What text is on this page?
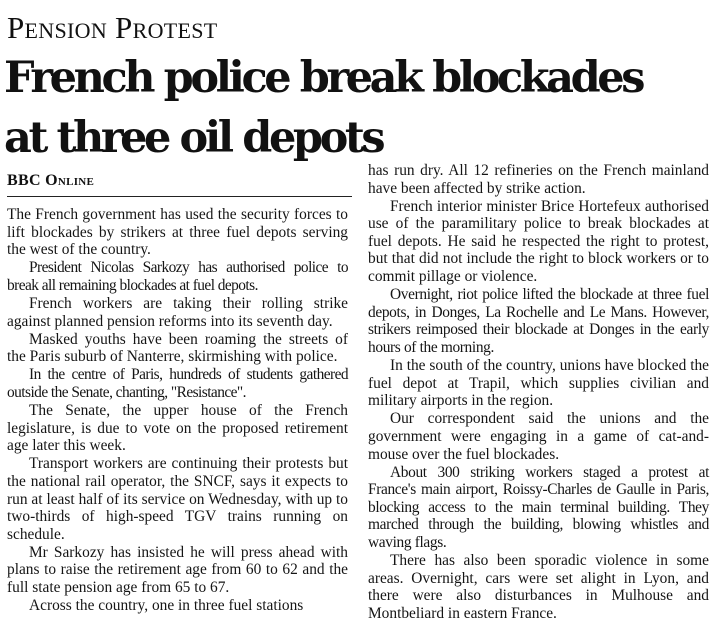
Pension Protest
French police break blockades
at three oil depots
BBC Online

The French government has used the security forces to lift blockades by strikers at three fuel depots serving the west of the country.

President Nicolas Sarkozy has authorised police to break all remaining blockades at fuel depots.

French workers are taking their rolling strike against planned pension reforms into its seventh day.

Masked youths have been roaming the streets of the Paris suburb of Nanterre, skirmishing with police.

In the centre of Paris, hundreds of students gathered outside the Senate, chanting, "Resistance".

The Senate, the upper house of the French legislature, is due to vote on the proposed retirement age later this week.

Transport workers are continuing their protests but the national rail operator, the SNCF, says it expects to run at least half of its service on Wednesday, with up to two-thirds of high-speed TGV trains running on schedule.

Mr Sarkozy has insisted he will press ahead with plans to raise the retirement age from 60 to 62 and the full state pension age from 65 to 67.

Across the country, one in three fuel stations

has run dry. All 12 refineries on the French mainland have been affected by strike action.

French interior minister Brice Hortefeux authorised use of the paramilitary police to break blockades at fuel depots. He said he respected the right to protest, but that did not include the right to block workers or to commit pillage or violence.

Overnight, riot police lifted the blockade at three fuel depots, in Donges, La Rochelle and Le Mans. However, strikers reimposed their blockade at Donges in the early hours of the morning.

In the south of the country, unions have blocked the fuel depot at Trapil, which supplies civilian and military airports in the region.

Our correspondent said the unions and the government were engaging in a game of cat-and-mouse over the fuel blockades.

About 300 striking workers staged a protest at France's main airport, Roissy-Charles de Gaulle in Paris, blocking access to the main terminal building. They marched through the building, blowing whistles and waving flags.

There has also been sporadic violence in some areas. Overnight, cars were set alight in Lyon, and there were also disturbances in Mulhouse and Montbeliard in eastern France.
